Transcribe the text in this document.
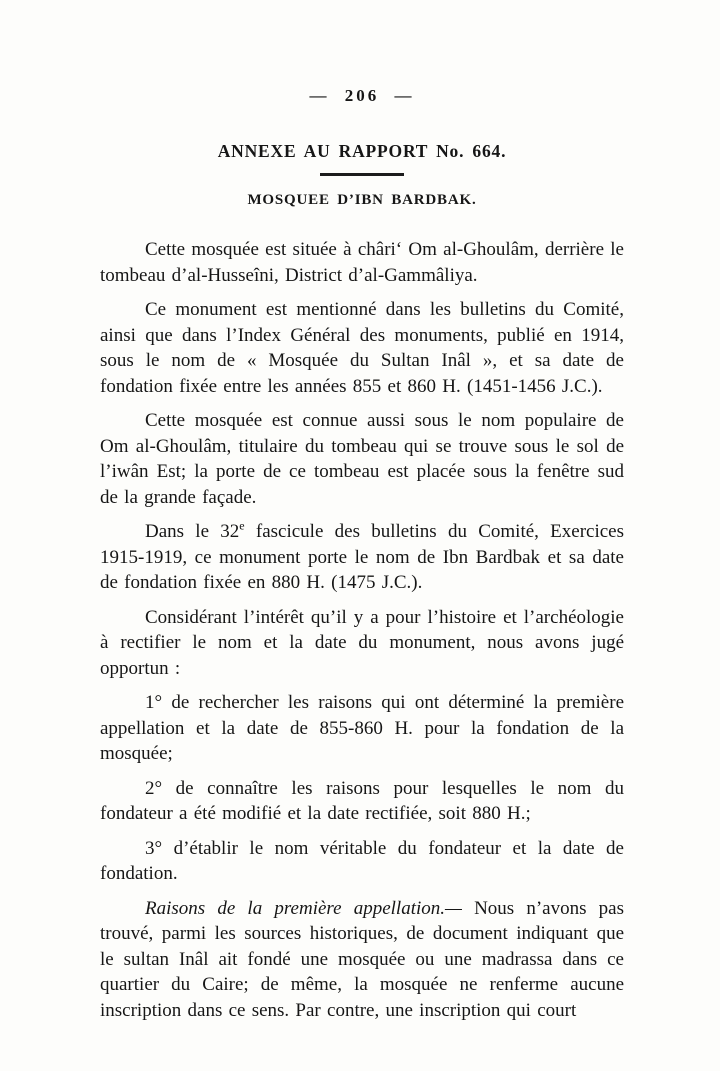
— 206 —

ANNEXE AU RAPPORT No. 664.

MOSQUEE D’IBN BARDBAK.

Cette mosquée est située à châri‘ Om al-Ghoulâm, derrière le tombeau d’al-Husseîni, District d’al-Gammâliya.

Ce monument est mentionné dans les bulletins du Comité, ainsi que dans l’Index Général des monuments, publié en 1914, sous le nom de « Mosquée du Sultan Inâl », et sa date de fondation fixée entre les années 855 et 860 H. (1451-1456 J.C.).

Cette mosquée est connue aussi sous le nom populaire de Om al-Ghoulâm, titulaire du tombeau qui se trouve sous le sol de l’iwân Est; la porte de ce tombeau est placée sous la fenêtre sud de la grande façade.

Dans le 32e fascicule des bulletins du Comité, Exercices 1915-1919, ce monument porte le nom de Ibn Bardbak et sa date de fondation fixée en 880 H. (1475 J.C.).

Considérant l’intérêt qu’il y a pour l’histoire et l’archéologie à rectifier le nom et la date du monument, nous avons jugé opportun :

1° de rechercher les raisons qui ont déterminé la première appellation et la date de 855-860 H. pour la fondation de la mosquée;

2° de connaître les raisons pour lesquelles le nom du fondateur a été modifié et la date rectifiée, soit 880 H.;

3° d’établir le nom véritable du fondateur et la date de fondation.

Raisons de la première appellation.— Nous n’avons pas trouvé, parmi les sources historiques, de document indiquant que le sultan Inâl ait fondé une mosquée ou une madrassa dans ce quartier du Caire; de même, la mosquée ne renferme aucune inscription dans ce sens. Par contre, une inscription qui court
